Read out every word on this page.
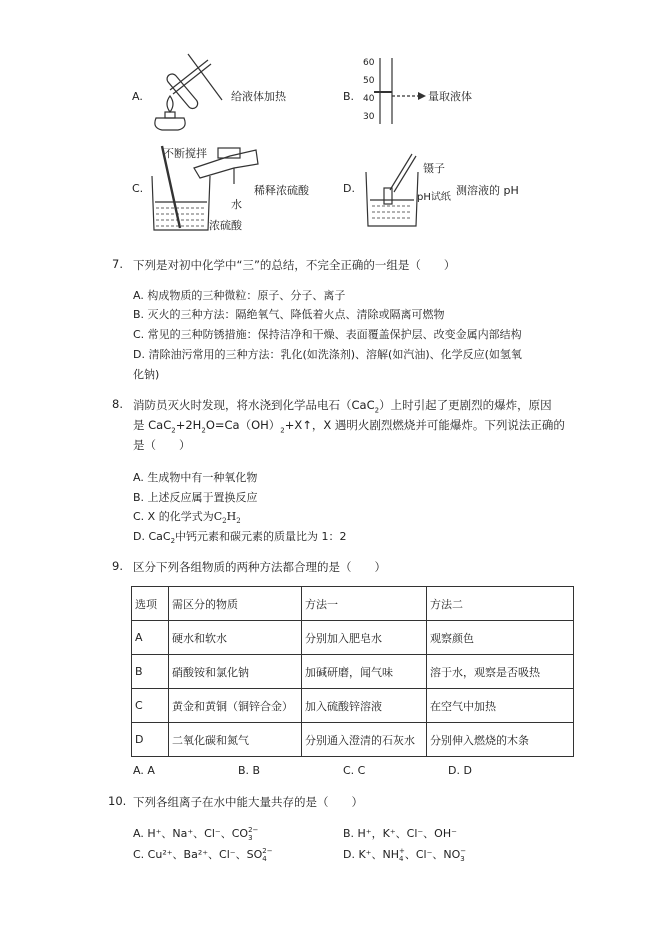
A.	给液体加热	B.
60
50
40
30
量取液体
C.
不断搅拌
水
稀释浓硫酸
浓硫酸
D.
镊子
pH试纸
测溶液的 pH
7. 下列是对初中化学中“三”的总结，不完全正确的一组是（　　）
A. 构成物质的三种微粒：原子、分子、离子
B. 灭火的三种方法：隔绝氧气、降低着火点、清除或隔离可燃物
C. 常见的三种防锈措施：保持洁净和干燥、表面覆盖保护层、改变金属内部结构
D. 清除油污常用的三种方法：乳化(如洗涤剂)、溶解(如汽油)、化学反应(如氢氧
化钠)
8. 消防员灭火时发现，将水浇到化学品电石（CaC$_2$）上时引起了更剧烈的爆炸，原因
是 $CaC_2+2H_2O=Ca(OH)_2+X↑$，X 遇明火剧烈燃烧并可能爆炸。下列说法正确的
是（　　）
A. 生成物中有一种氧化物
B. 上述反应属于置换反应
C. X 的化学式为$C_2H_2$
D. CaC$_2$中钙元素和碳元素的质量比为 1：2
9. 区分下列各组物质的两种方法都合理的是（　　）
选项	需区分的物质	方法一	方法二
A	硬水和软水	分别加入肥皂水	观察颜色
B	硝酸铵和氯化钠	加碱研磨，闻气味	溶于水，观察是否吸热
C	黄金和黄铜（铜锌合金）	加入硫酸锌溶液	在空气中加热
D	二氧化碳和氮气	分别通入澄清的石灰水	分别伸入燃烧的木条
A. A	B. B	C. C	D. D
10. 下列各组离子在水中能大量共存的是（　　）
A. H⁺、Na⁺、Cl⁻、CO 2−
3	B. H⁺，K⁺、Cl⁻、OH⁻
C. Cu²⁺、Ba²⁺、Cl⁻、SO 2−
4	D. K⁺、NH +
4 、Cl⁻、NO −
3
